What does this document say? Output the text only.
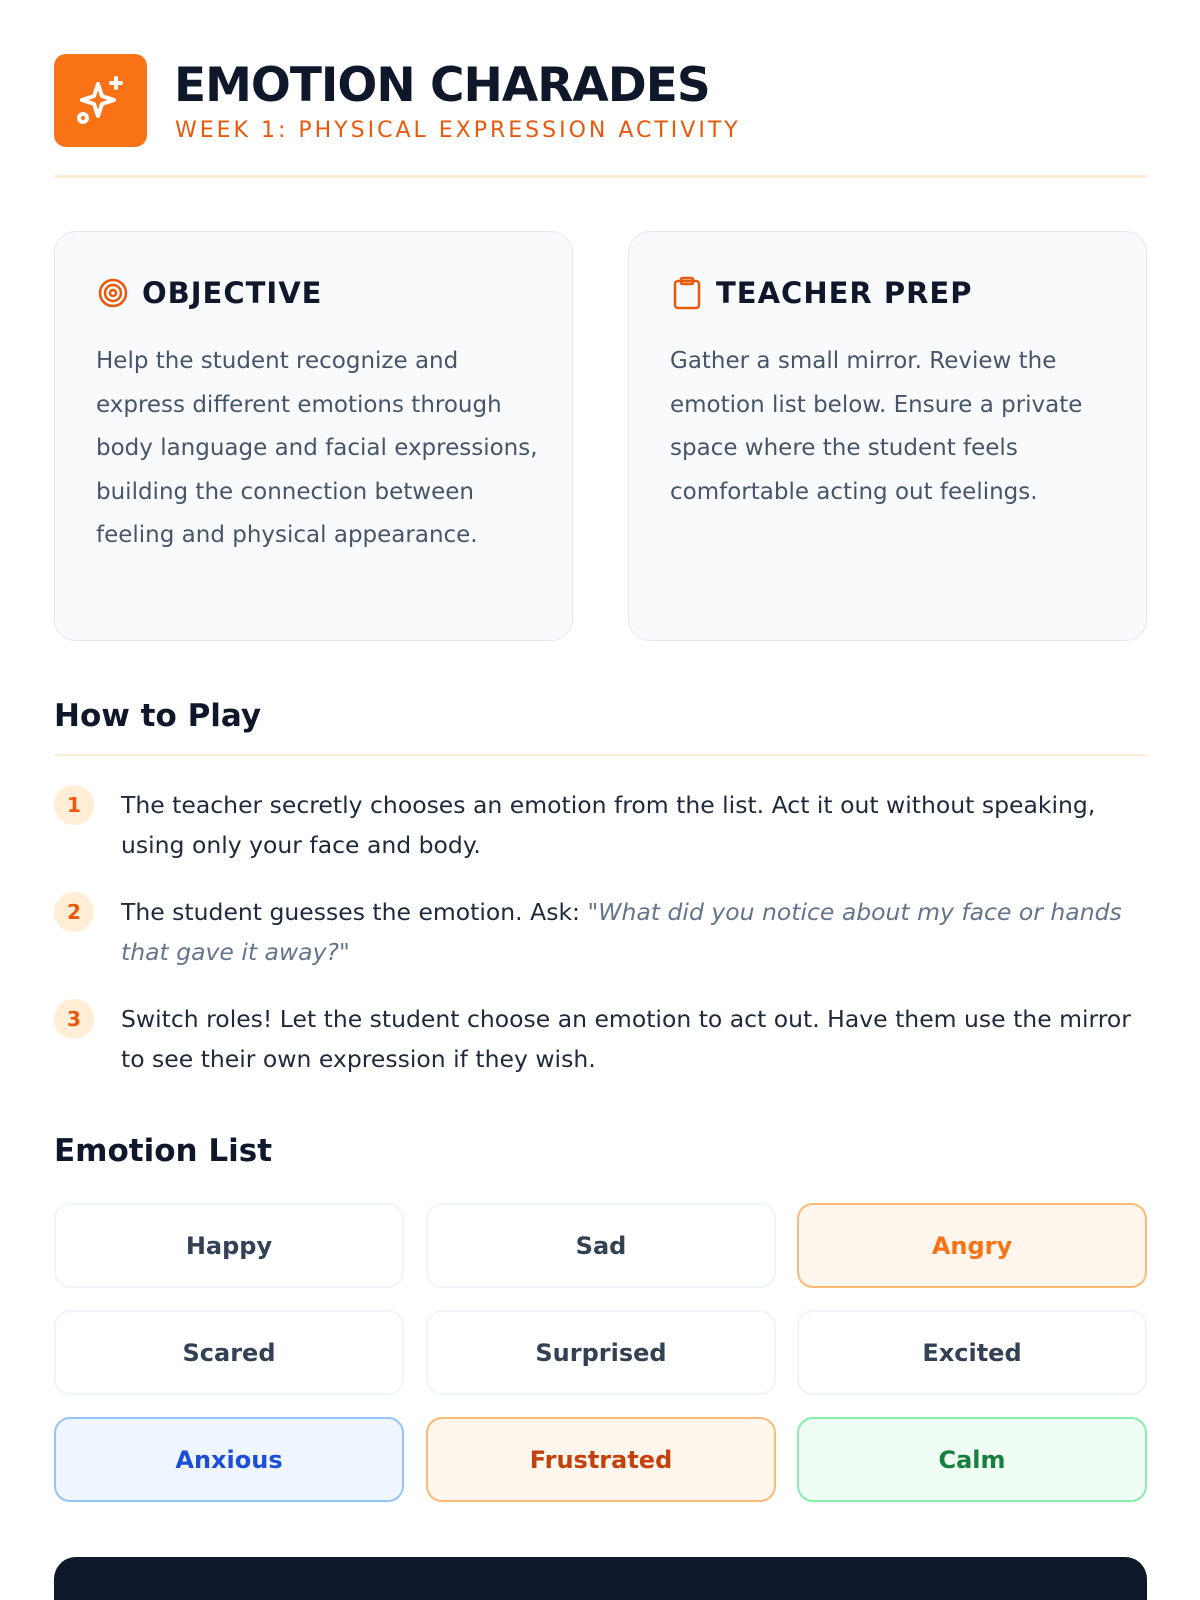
EMOTION CHARADES
WEEK 1: PHYSICAL EXPRESSION ACTIVITY
OBJECTIVE
Help the student recognize and express different emotions through body language and facial expressions, building the connection between feeling and physical appearance.
TEACHER PREP
Gather a small mirror. Review the emotion list below. Ensure a private space where the student feels comfortable acting out feelings.
How to Play
1	The teacher secretly chooses an emotion from the list. Act it out without speaking, using only your face and body.
2	The student guesses the emotion. Ask: "What did you notice about my face or hands that gave it away?"
3	Switch roles! Let the student choose an emotion to act out. Have them use the mirror to see their own expression if they wish.
Emotion List
Happy	Sad	Angry
Scared	Surprised	Excited
Anxious	Frustrated	Calm
